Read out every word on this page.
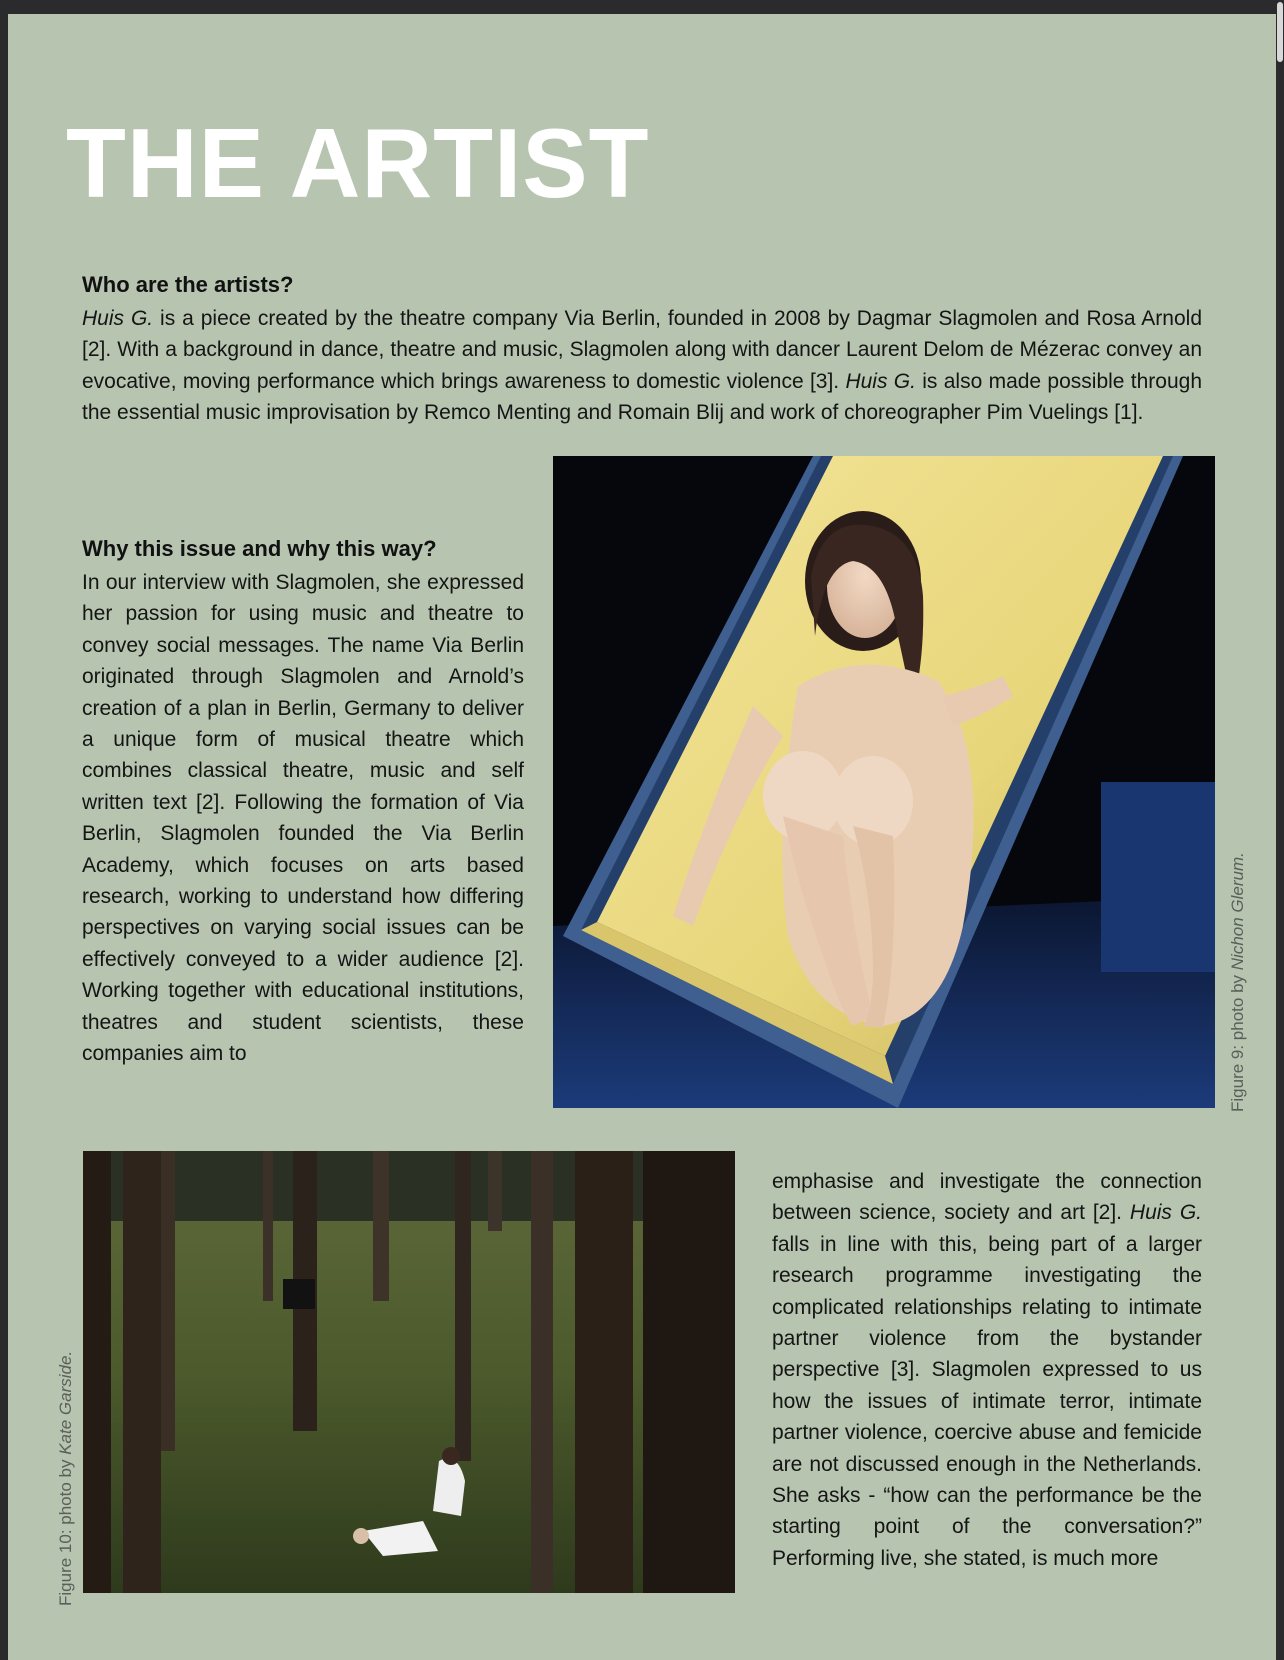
THE ARTIST
Who are the artists?

Huis G. is a piece created by the theatre company Via Berlin, founded in 2008 by Dagmar Slagmolen and Rosa Arnold [2]. With a background in dance, theatre and music, Slagmolen along with dancer Laurent Delom de Mézerac convey an evocative, moving performance which brings awareness to domestic violence [3]. Huis G. is also made possible through the essential music improvisation by Remco Menting and Romain Blij and work of choreographer Pim Vuelings [1].

Why this issue and why this way?

In our interview with Slagmolen, she expressed her passion for using music and theatre to convey social messages. The name Via Berlin originated through Slagmolen and Arnold’s creation of a plan in Berlin, Germany to deliver a unique form of musical theatre which combines classical theatre, music and self written text [2]. Following the formation of Via Berlin, Slagmolen founded the Via Berlin Academy, which focuses on arts based research, working to understand how differing perspectives on varying social issues can be effectively conveyed to a wider audience [2]. Working together with educational institutions, theatres and student scientists, these companies aim to	Figure 9: photo by Nichon Glerum.
Figure 10: photo by Kate Garside.

emphasise and investigate the connection between science, society and art [2]. Huis G. falls in line with this, being part of a larger research programme investigating the complicated relationships relating to intimate partner violence from the bystander perspective [3]. Slagmolen expressed to us how the issues of intimate terror, intimate partner violence, coercive abuse and femicide are not discussed enough in the Netherlands. She asks - “how can the performance be the starting point of the conversation?” Performing live, she stated, is much more
